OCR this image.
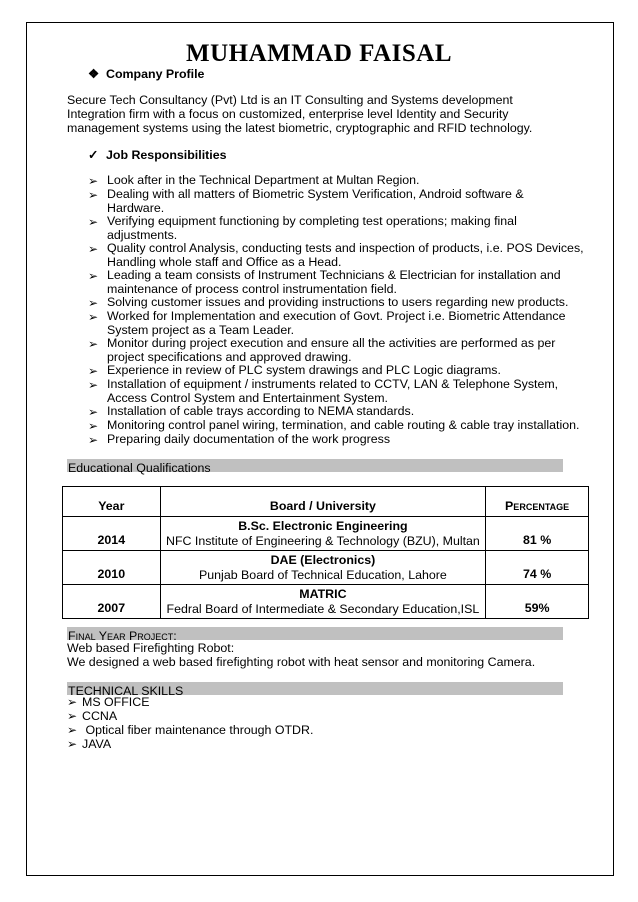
MUHAMMAD FAISAL
❖ Company Profile
Secure Tech Consultancy (Pvt) Ltd is an IT Consulting and Systems development
Integration firm with a focus on customized, enterprise level Identity and Security
management systems using the latest biometric, cryptographic and RFID technology.
✓ Job Responsibilities
➢ Look after in the Technical Department at Multan Region.
➢ Dealing with all matters of Biometric System Verification, Android software &
Hardware.
➢ Verifying equipment functioning by completing test operations; making final
adjustments.
➢ Quality control Analysis, conducting tests and inspection of products, i.e. POS Devices,
Handling whole staff and Office as a Head.
➢ Leading a team consists of Instrument Technicians & Electrician for installation and
maintenance of process control instrumentation field.
➢ Solving customer issues and providing instructions to users regarding new products.
➢ Worked for Implementation and execution of Govt. Project i.e. Biometric Attendance
System project as a Team Leader.
➢ Monitor during project execution and ensure all the activities are performed as per
project specifications and approved drawing.
➢ Experience in review of PLC system drawings and PLC Logic diagrams.
➢ Installation of equipment / instruments related to CCTV, LAN & Telephone System,
Access Control System and Entertainment System.
➢ Installation of cable trays according to NEMA standards.
➢ Monitoring control panel wiring, termination, and cable routing & cable tray installation.
➢ Preparing daily documentation of the work progress
Educational Qualifications
Year	Board / University	Percentage
2014	B.Sc. Electronic Engineering
NFC Institute of Engineering & Technology (BZU), Multan	81 %
2010	DAE (Electronics)
Punjab Board of Technical Education, Lahore	74 %
2007	MATRIC
Fedral Board of Intermediate & Secondary Education,ISL	59%
Final Year Project:
Web based Firefighting Robot:
We designed a web based firefighting robot with heat sensor and monitoring Camera.
TECHNICAL SKILLS
➢ MS OFFICE
➢ CCNA
➢ Optical fiber maintenance through OTDR.
➢ JAVA
